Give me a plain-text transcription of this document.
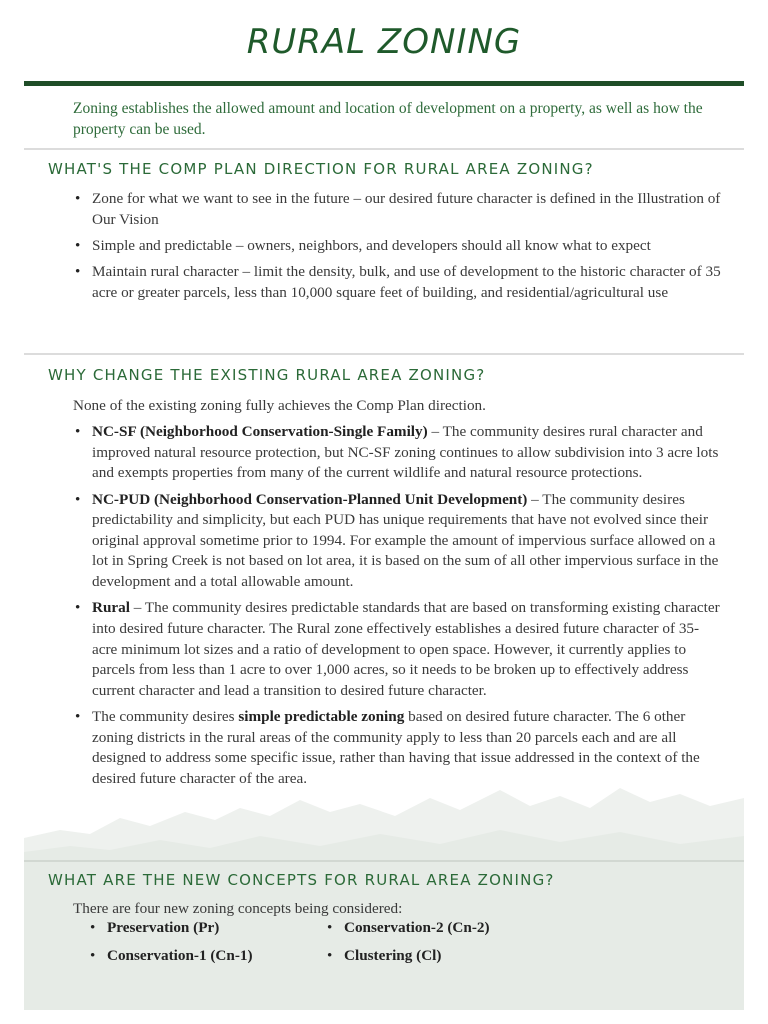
RURAL ZONING
Zoning establishes the allowed amount and location of development on a property, as well as how the property can be used.
WHAT'S THE COMP PLAN DIRECTION FOR RURAL AREA ZONING?
• Zone for what we want to see in the future – our desired future character is defined in the Illustration of Our Vision
• Simple and predictable – owners, neighbors, and developers should all know what to expect
• Maintain rural character – limit the density, bulk, and use of development to the historic character of 35 acre or greater parcels, less than 10,000 square feet of building, and residential/agricultural use
WHY CHANGE THE EXISTING RURAL AREA ZONING?
None of the existing zoning fully achieves the Comp Plan direction.
• NC-SF (Neighborhood Conservation-Single Family) – The community desires rural character and improved natural resource protection, but NC-SF zoning continues to allow subdivision into 3 acre lots and exempts properties from many of the current wildlife and natural resource protections.
• NC-PUD (Neighborhood Conservation-Planned Unit Development) – The community desires predictability and simplicity, but each PUD has unique requirements that have not evolved since their original approval sometime prior to 1994. For example the amount of impervious surface allowed on a lot in Spring Creek is not based on lot area, it is based on the sum of all other impervious surface in the development and a total allowable amount.
• Rural – The community desires predictable standards that are based on transforming existing character into desired future character. The Rural zone effectively establishes a desired future character of 35-acre minimum lot sizes and a ratio of development to open space. However, it currently applies to parcels from less than 1 acre to over 1,000 acres, so it needs to be broken up to effectively address current character and lead a transition to desired future character.
• The community desires simple predictable zoning based on desired future character. The 6 other zoning districts in the rural areas of the community apply to less than 20 parcels each and are all designed to address some specific issue, rather than having that issue addressed in the context of the desired future character of the area.
WHAT ARE THE NEW CONCEPTS FOR RURAL AREA ZONING?
There are four new zoning concepts being considered:
• Preservation (Pr)	• Conservation-2 (Cn-2)
• Conservation-1 (Cn-1)	• Clustering (Cl)
